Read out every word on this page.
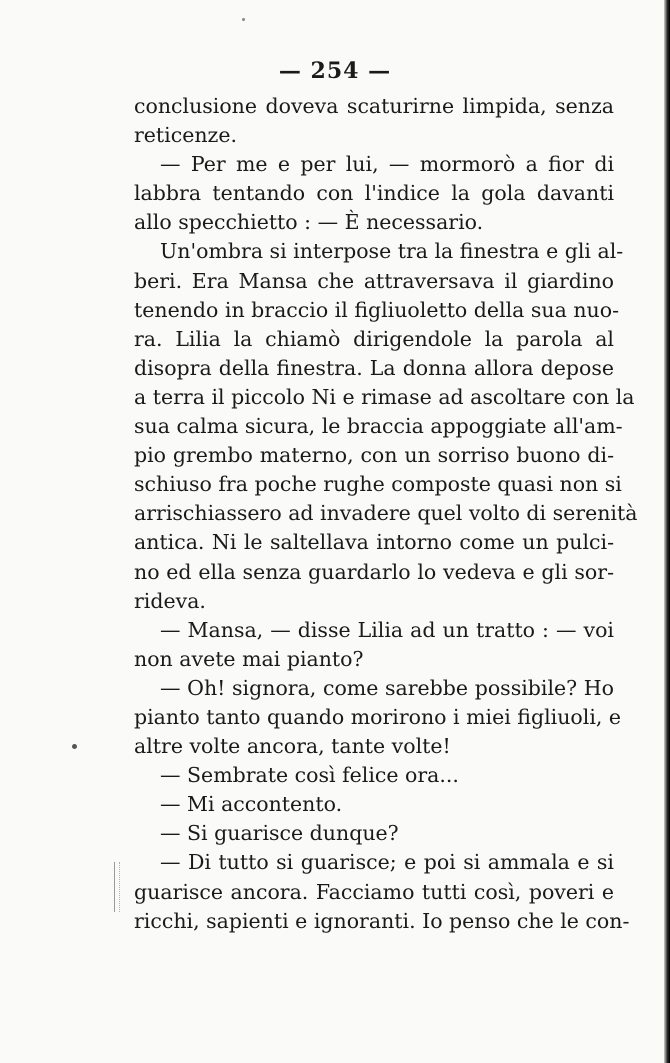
— 254 —
conclusione doveva scaturirne limpida, senza
reticenze.
— Per me e per lui, — mormorò a fior di
labbra tentando con l'indice la gola davanti
allo specchietto : — È necessario.
Un'ombra si interpose tra la finestra e gli al-
beri. Era Mansa che attraversava il giardino
tenendo in braccio il figliuoletto della sua nuo-
ra. Lilia la chiamò dirigendole la parola al
disopra della finestra. La donna allora depose
a terra il piccolo Ni e rimase ad ascoltare con la
sua calma sicura, le braccia appoggiate all'am-
pio grembo materno, con un sorriso buono di-
schiuso fra poche rughe composte quasi non si
arrischiassero ad invadere quel volto di serenità
antica. Ni le saltellava intorno come un pulci-
no ed ella senza guardarlo lo vedeva e gli sor-
rideva.
— Mansa, — disse Lilia ad un tratto : — voi
non avete mai pianto?
— Oh! signora, come sarebbe possibile? Ho
pianto tanto quando morirono i miei figliuoli, e
altre volte ancora, tante volte!
— Sembrate così felice ora...
— Mi accontento.
— Si guarisce dunque?
— Di tutto si guarisce; e poi si ammala e si
guarisce ancora. Facciamo tutti così, poveri e
ricchi, sapienti e ignoranti. Io penso che le con-
